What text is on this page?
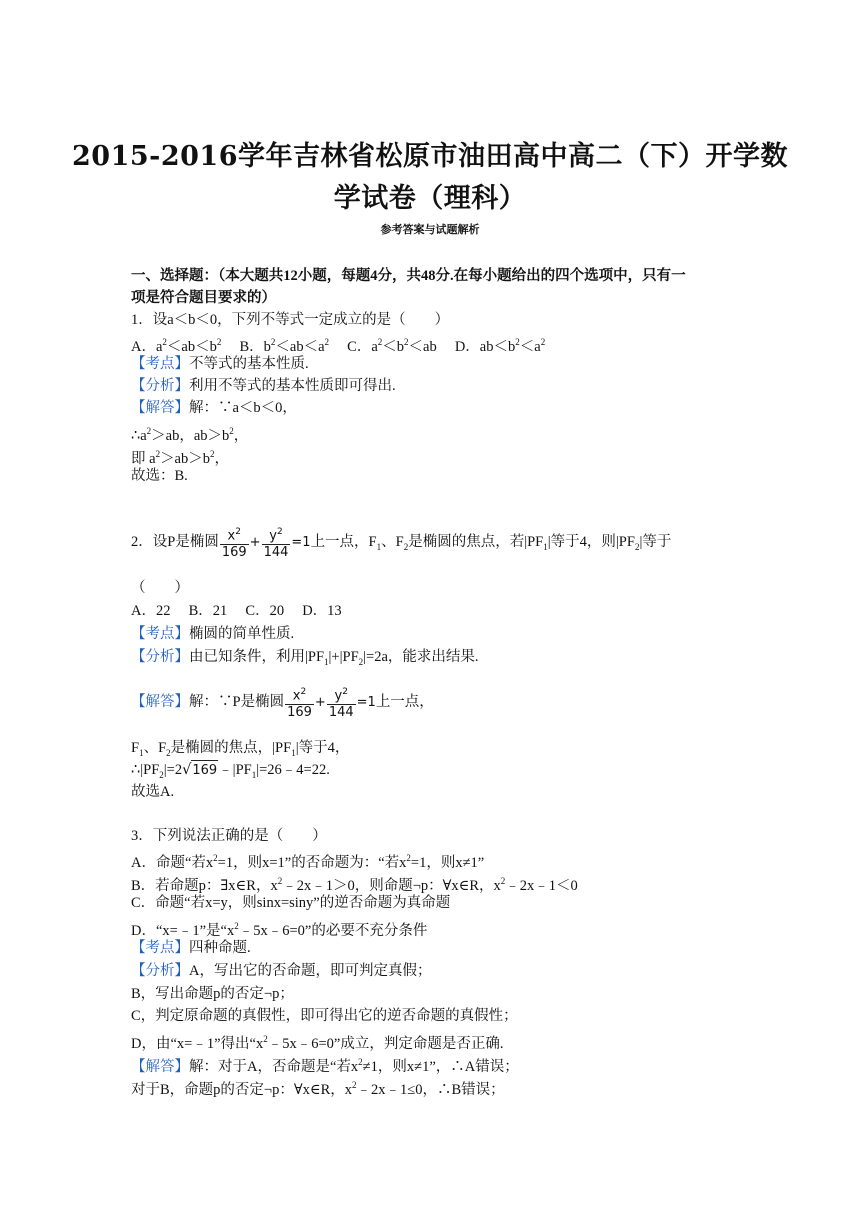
2015-2016学年吉林省松原市油田高中高二（下）开学数
学试卷（理科）
参考答案与试题解析
一、选择题：（本大题共12小题，每题4分，共48分.在每小题给出的四个选项中，只有一
项是符合题目要求的）
1．设a＜b＜0，下列不等式一定成立的是（　　）
A．$a^2<ab<b^2$ B．$b^2<ab<a^2$ C．$a^2<b^2<ab$ D．$ab<b^2<a^2$
【考点】不等式的基本性质.
【分析】利用不等式的基本性质即可得出.
【解答】解：∵a＜b＜0，
$\therefore a^2>ab$，$ab>b^2$，
即 $a^2>ab>b^2$，
故选：B.
2．设P是椭圆 $\frac{x^2}{169} + \frac{y^2}{144} =1$上一点，$F_1$、$F_2$是椭圆的焦点，若$|PF_1|$等于4，则$|PF_2|$等于
（　　）
A．22　 B．21　 C．20　 D．13
【考点】椭圆的简单性质.
【分析】由已知条件，利用$|PF_1|+|PF_2|=2a$，能求出结果.
【解答】解：∵P是椭圆 $\frac{x^2}{169} + \frac{y^2}{144} =1$上一点，
$F_1$、$F_2$是椭圆的焦点，$|PF_1|$等于4，
$\therefore|PF_2|=2√169﹣|PF_1|=26﹣4=22$.
故选A.
3．下列说法正确的是（　　）
A．命题“若$x^2=1$，则x=1”的否命题为：“若$x^2=1$，则x≠1”
B．若命题p：∃x∈R，$x^2﹣2x﹣1>0$，则命题¬p：∀x∈R，$x^2﹣2x﹣1<0$
C．命题“若x=y，则sinx=siny”的逆否命题为真命题
D．“x=﹣1”是“$x^2﹣5x﹣6=0$”的必要不充分条件
【考点】四种命题.
【分析】A，写出它的否命题，即可判定真假；
B，写出命题p的否定¬p；
C，判定原命题的真假性，即可得出它的逆否命题的真假性；
D，由“x=﹣1”得出“$x^2﹣5x﹣6=0$”成立，判定命题是否正确.
【解答】解：对于A，否命题是“若$x^2\ne 1$，则x≠1”，∴A错误；
对于B，命题p的否定¬p：∀x∈R，$x^2﹣2x﹣1\le 0$，∴B错误；
